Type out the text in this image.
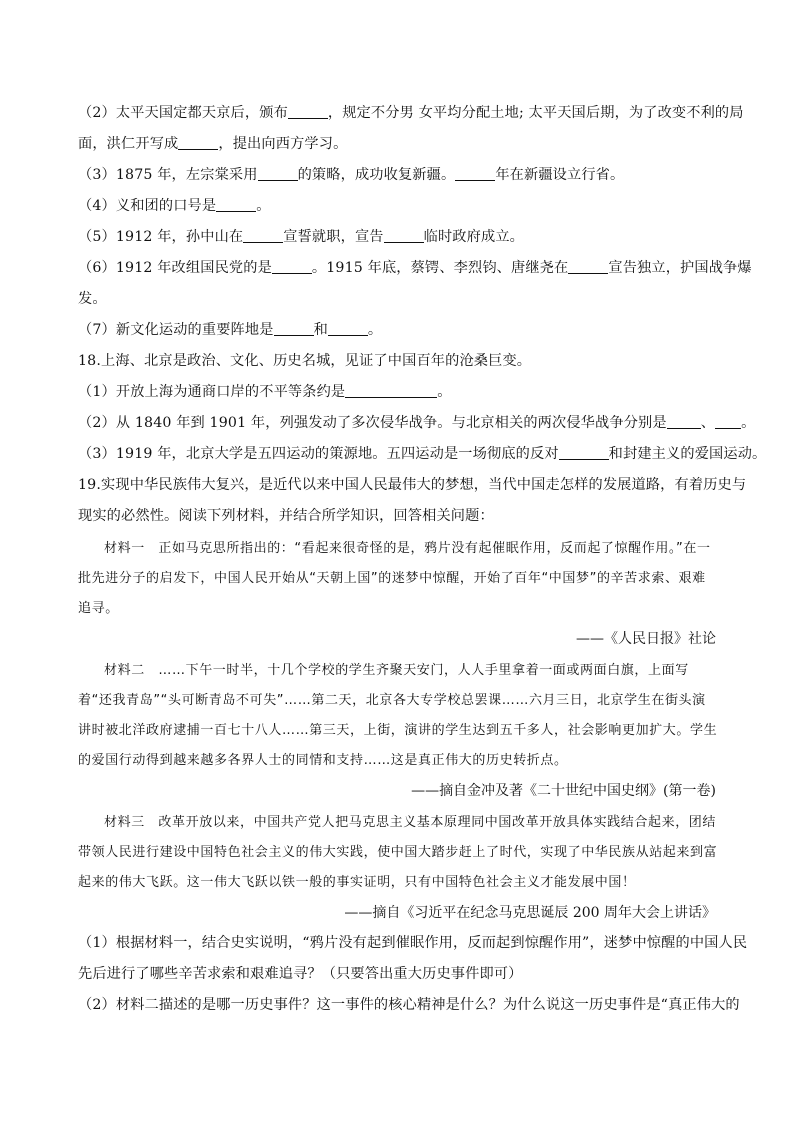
（2）太平天国定都天京后，颁布	，规定不分男 女平均分配土地; 太平天国后期，为了改变不利的局
面，洪仁开写成	，提出向西方学习。
（3）1875 年，左宗棠采用	的策略，成功收复新疆。	年在新疆设立行省。
（4）义和团的口号是	。
（5）1912 年，孙中山在	宣誓就职，宣告	临时政府成立。
（6）1912 年改组国民党的是	。1915 年底，蔡锷、李烈钧、唐继尧在	宣告独立，护国战争爆
发。
（7）新文化运动的重要阵地是	和	。
18.上海、北京是政治、文化、历史名城，见证了中国百年的沧桑巨变。
（1）开放上海为通商口岸的不平等条约是	。
（2）从 1840 年到 1901 年，列强发动了多次侵华战争。与北京相关的两次侵华战争分别是 、 。
（3）1919 年，北京大学是五四运动的策源地。五四运动是一场彻底的反对	和封建主义的爱国运动。
19.实现中华民族伟大复兴，是近代以来中国人民最伟大的梦想，当代中国走怎样的发展道路，有着历史与
现实的必然性。阅读下列材料，并结合所学知识，回答相关问题：

材料一　正如马克思所指出的：“看起来很奇怪的是，鸦片没有起催眠作用，反而起了惊醒作用。”在一批先进分子的启发下，中国人民开始从“天朝上国”的迷梦中惊醒，开始了百年“中国梦”的辛苦求索、艰难追寻。

——《人民日报》社论

材料二　……下午一时半，十几个学校的学生齐聚天安门，人人手里拿着一面或两面白旗，上面写着“还我青岛”“头可断青岛不可失”……第二天，北京各大专学校总罢课……六月三日，北京学生在街头演讲时被北洋政府逮捕一百七十八人……第三天，上街，演讲的学生达到五千多人，社会影响更加扩大。学生的爱国行动得到越来越多各界人士的同情和支持……这是真正伟大的历史转折点。

——摘自金冲及著《二十世纪中国史纲》(第一卷)

材料三　改革开放以来，中国共产党人把马克思主义基本原理同中国改革开放具体实践结合起来，团结带领人民进行建设中国特色社会主义的伟大实践，使中国大踏步赶上了时代，实现了中华民族从站起来到富起来的伟大飞跃。这一伟大飞跃以铁一般的事实证明，只有中国特色社会主义才能发展中国！

——摘自《习近平在纪念马克思诞辰 200 周年大会上讲话》
（1）根据材料一，结合史实说明，“鸦片没有起到催眠作用，反而起到惊醒作用”，迷梦中惊醒的中国人民
先后进行了哪些辛苦求索和艰难追寻？（只要答出重大历史事件即可）
（2）材料二描述的是哪一历史事件？这一事件的核心精神是什么？为什么说这一历史事件是“真正伟大的
